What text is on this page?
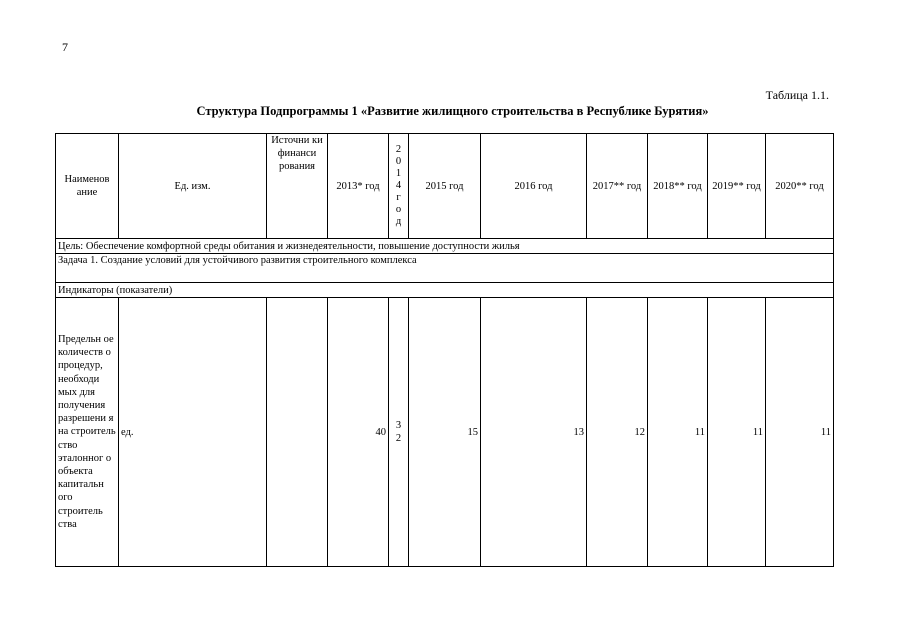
7
Таблица 1.1.
Структура Подпрограммы 1 «Развитие жилищного строительства в Республике Бурятия»
Наименов ание	Ед. изм.	Источни ки финанси рования	2013* год	2014 год	2015 год	2016 год	2017** год	2018** год	2019** год	2020** год
Цель: Обеспечение комфортной среды обитания и жизнедеятельности, повышение доступности жилья										
Задача 1. Создание условий для устойчивого развития строительного комплекса										
Индикаторы (показатели)										
Предельн ое количеств о процедур, необходи мых для получения разрешени я на строитель ство эталонног о объекта капитальн ого строитель ства	ед.		40	32	15	13	12	11	11	11
